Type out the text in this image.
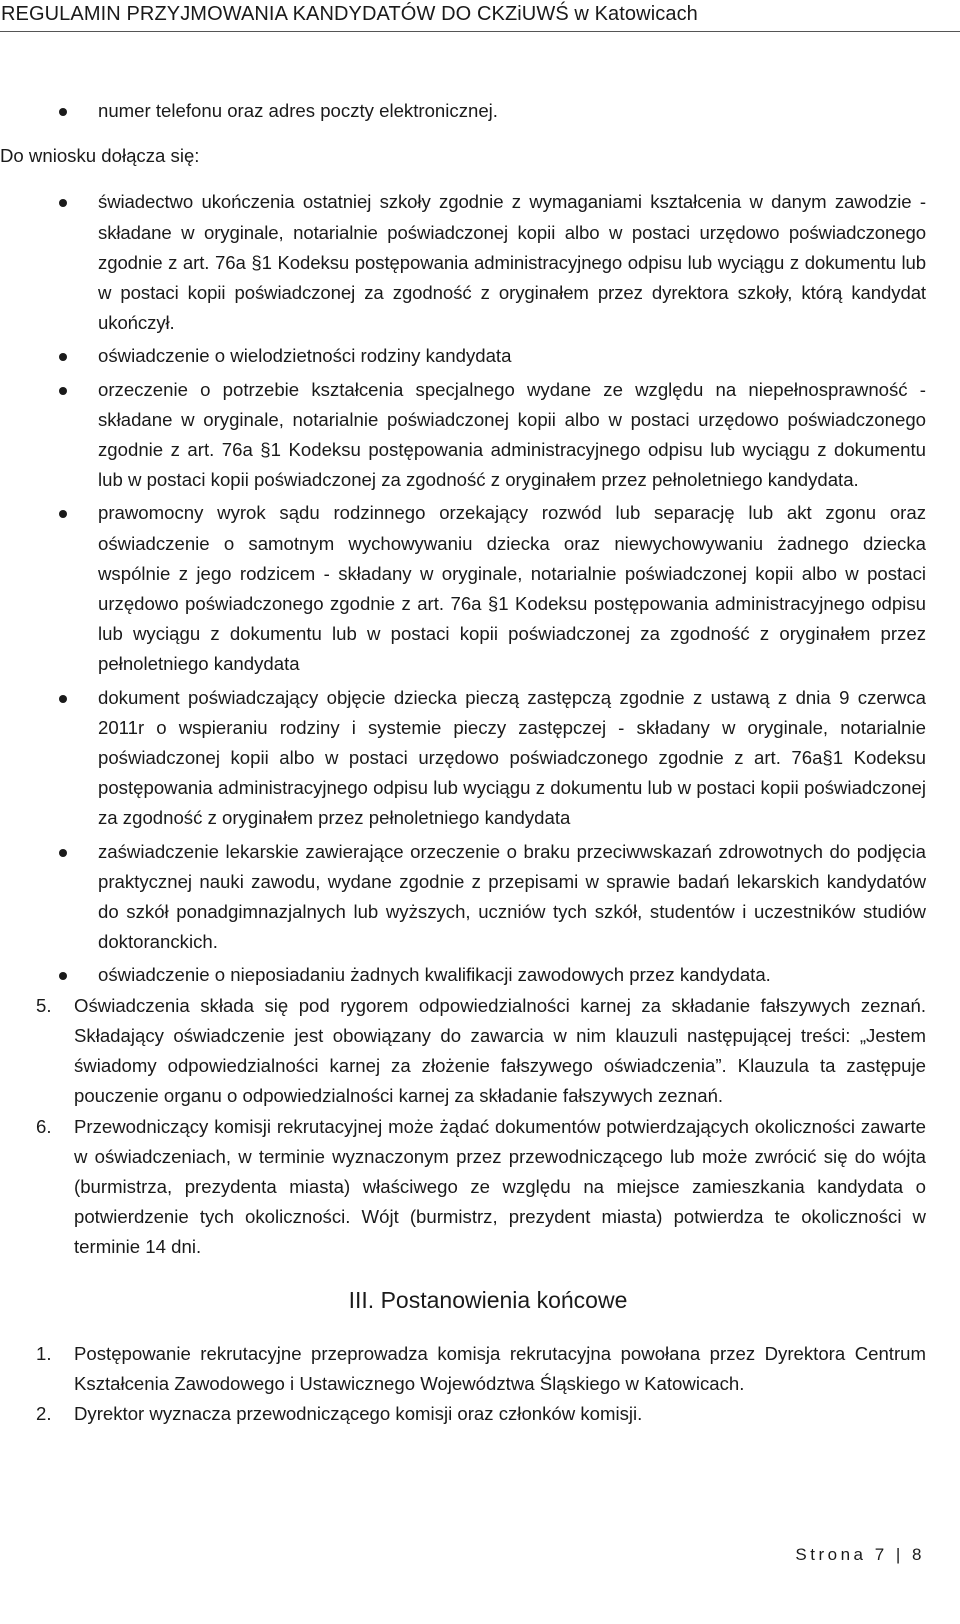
REGULAMIN PRZYJMOWANIA KANDYDATÓW DO CKZiUWŚ w Katowicach
numer telefonu oraz adres poczty elektronicznej.
Do wniosku dołącza się:
świadectwo ukończenia ostatniej szkoły zgodnie z wymaganiami kształcenia w danym zawodzie - składane w oryginale, notarialnie poświadczonej kopii albo w postaci urzędowo poświadczonego zgodnie z art. 76a §1 Kodeksu postępowania administracyjnego odpisu lub wyciągu z dokumentu lub w postaci kopii poświadczonej za zgodność z oryginałem przez dyrektora szkoły, którą kandydat ukończył.
oświadczenie o wielodzietności rodziny kandydata
orzeczenie o potrzebie kształcenia specjalnego wydane ze względu na niepełnosprawność -składane w oryginale, notarialnie poświadczonej kopii albo w postaci urzędowo poświadczonego zgodnie z art. 76a §1 Kodeksu postępowania administracyjnego odpisu lub wyciągu z dokumentu lub w postaci kopii poświadczonej za zgodność z oryginałem przez pełnoletniego kandydata.
prawomocny wyrok sądu rodzinnego orzekający rozwód lub separację lub akt zgonu oraz oświadczenie o samotnym wychowywaniu dziecka oraz niewychowywaniu żadnego dziecka wspólnie z jego rodzicem - składany w oryginale, notarialnie poświadczonej kopii albo w postaci urzędowo poświadczonego zgodnie z art. 76a §1 Kodeksu postępowania administracyjnego odpisu lub wyciągu z dokumentu lub w postaci kopii poświadczonej za zgodność z oryginałem przez pełnoletniego kandydata
dokument poświadczający objęcie dziecka pieczą zastępczą zgodnie z ustawą z dnia 9 czerwca 2011r o wspieraniu rodziny i systemie pieczy zastępczej - składany w oryginale, notarialnie poświadczonej kopii albo w postaci urzędowo poświadczonego zgodnie z art. 76a§1 Kodeksu postępowania administracyjnego odpisu lub wyciągu z dokumentu lub w postaci kopii poświadczonej za zgodność z oryginałem przez pełnoletniego kandydata
zaświadczenie lekarskie zawierające orzeczenie o braku przeciwwskazań zdrowotnych do podjęcia praktycznej nauki zawodu, wydane zgodnie z przepisami w sprawie badań lekarskich kandydatów do szkół ponadgimnazjalnych lub wyższych, uczniów tych szkół, studentów i uczestników studiów doktoranckich.
oświadczenie o nieposiadaniu żadnych kwalifikacji zawodowych przez kandydata.
5. Oświadczenia składa się pod rygorem odpowiedzialności karnej za składanie fałszywych zeznań. Składający oświadczenie jest obowiązany do zawarcia w nim klauzuli następującej treści: „Jestem świadomy odpowiedzialności karnej za złożenie fałszywego oświadczenia”. Klauzula ta zastępuje pouczenie organu o odpowiedzialności karnej za składanie fałszywych zeznań.
6. Przewodniczący komisji rekrutacyjnej może żądać dokumentów potwierdzających okoliczności zawarte w oświadczeniach, w terminie wyznaczonym przez przewodniczącego lub może zwrócić się do wójta (burmistrza, prezydenta miasta) właściwego ze względu na miejsce zamieszkania kandydata o potwierdzenie tych okoliczności. Wójt (burmistrz, prezydent miasta) potwierdza te okoliczności w terminie 14 dni.
III. Postanowienia końcowe
1. Postępowanie rekrutacyjne przeprowadza komisja rekrutacyjna powołana przez Dyrektora Centrum Kształcenia Zawodowego i Ustawicznego Województwa Śląskiego w Katowicach.
2. Dyrektor wyznacza przewodniczącego komisji oraz członków komisji.
Strona 7 | 8
